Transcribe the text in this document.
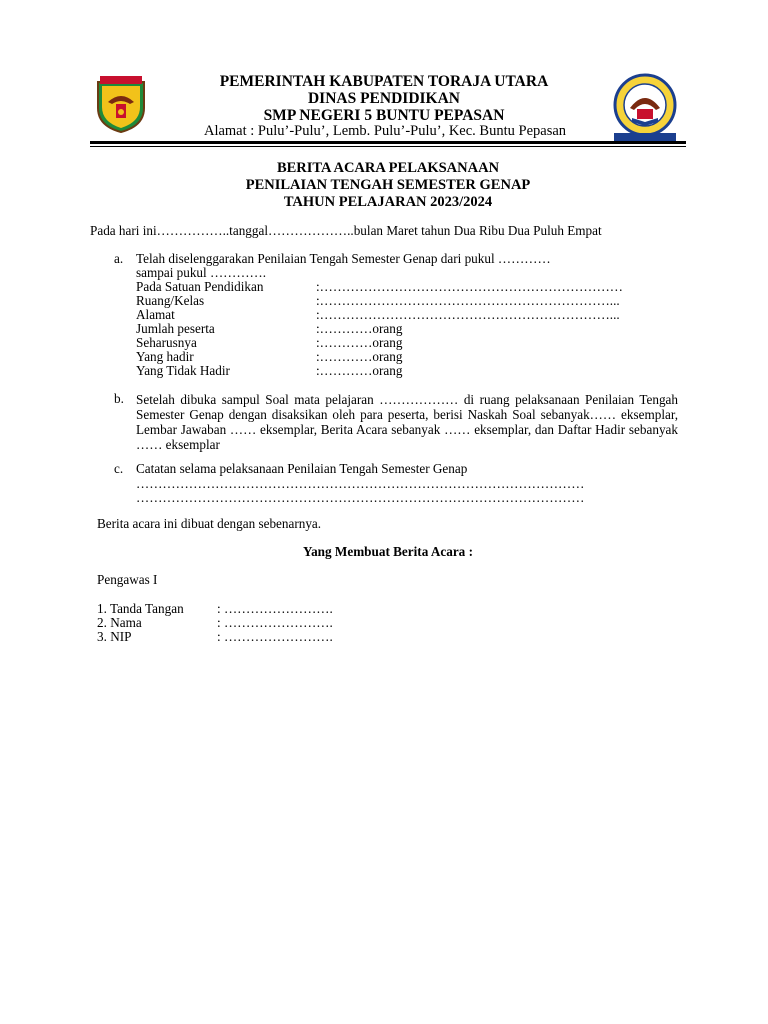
PEMERINTAH KABUPATEN TORAJA UTARA
DINAS PENDIDIKAN
SMP NEGERI 5 BUNTU PEPASAN
Alamat : Pulu’-Pulu’, Lemb. Pulu’-Pulu’, Kec. Buntu Pepasan
BERITA ACARA PELAKSANAAN
PENILAIAN TENGAH SEMESTER GENAP
TAHUN PELAJARAN 2023/2024
Pada hari ini……………..tanggal………………..bulan Maret tahun Dua Ribu Dua Puluh Empat
a. Telah diselenggarakan Penilaian Tengah Semester Genap dari pukul …………
sampai pukul ………….
Pada Satuan Pendidikan	:……………………………………………………………
Ruang/Kelas	:…………………………………………………………...
Alamat	:…………………………………………………………...
Jumlah peserta	:…………orang
Seharusnya	:…………orang
Yang hadir	:…………orang
Yang Tidak Hadir	:…………orang
b. Setelah dibuka sampul Soal mata pelajaran ……………… di ruang pelaksanaan Penilaian Tengah Semester Genap dengan disaksikan oleh para peserta, berisi Naskah Soal sebanyak…… eksemplar, Lembar Jawaban …… eksemplar, Berita Acara sebanyak …… eksemplar, dan Daftar Hadir sebanyak …… eksemplar
c. Catatan selama pelaksanaan Penilaian Tengah Semester Genap
…………………………………………………………………………………………
…………………………………………………………………………………………
Berita acara ini dibuat dengan sebenarnya.
Yang Membuat Berita Acara :
Pengawas I
1. Tanda Tangan	: …………………….
2. Nama	: …………………….
3. NIP	: …………………….
